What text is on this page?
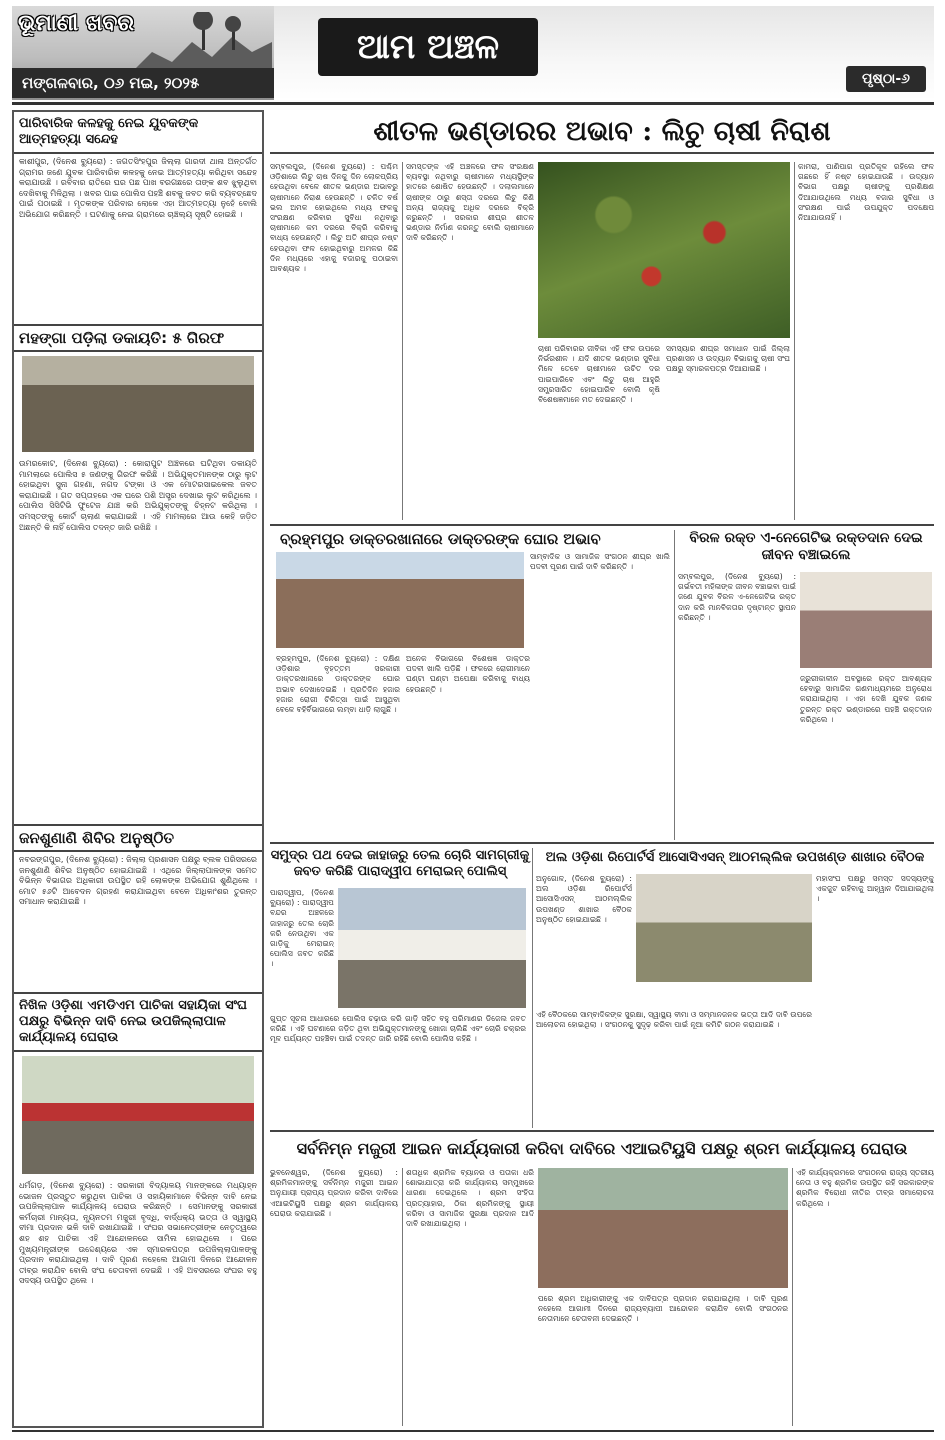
ଭୂମାଣୀ ଖବର
ମଙ୍ଗଳବାର, ୦୬ ମଇ, ୨୦୨୫
ଆମ ଅଞ୍ଚଳ
ପୃଷ୍ଠା-୬
ପାରିବାରିକ କଳହକୁ ନେଇ ଯୁବକଙ୍କ ଆତ୍ମହତ୍ୟା ସନ୍ଦେହ
କାଶୀପୁର, (ଦିନେଶ ବ୍ୟୁରୋ) : ଜଗତସିଂହପୁର ଜିଲ୍ଲା ଗାରଦୀ ଥାନା ଅନ୍ତର୍ଗତ ଗ୍ରାମର ଜଣେ ଯୁବକ ପାରିବାରିକ କଳହକୁ ନେଇ ଆତ୍ମହତ୍ୟା କରିଥିବା ସନ୍ଦେହ କରାଯାଉଛି । ରବିବାର ରାତିରେ ଘର ପଛ ପାଖ ବରଗଛରେ ତାଙ୍କ ଶବ ଝୁଲୁଥିବା ଦେଖିବାକୁ ମିଳିଥିଲା । ଖବର ପାଇ ପୋଲିସ ପହଞ୍ଚି ଶବକୁ ଜବତ କରି ବ୍ୟବଚ୍ଛେଦ ପାଇଁ ପଠାଇଛି । ମୃତକଙ୍କ ପରିବାର ଲୋକେ ଏହା ଆତ୍ମହତ୍ୟା ନୁହେଁ ବୋଲି ଅଭିଯୋଗ କରିଛନ୍ତି । ଘଟଣାକୁ ନେଇ ଗ୍ରାମରେ ଚାଞ୍ଚଲ୍ୟ ସୃଷ୍ଟି ହୋଇଛି ।
ମହଙ୍ଗା ପଡ଼ିଲା ଡକାୟତି: ୫ ଗିରଫ
ଉମରକୋଟ, (ଦିନେଶ ବ୍ୟୁରୋ) : କୋରାପୁଟ ଅଞ୍ଚଳରେ ଘଟିଥିବା ଡକାୟତି ମାମଲାରେ ପୋଲିସ ୫ ଜଣଙ୍କୁ ଗିରଫ କରିଛି । ଅଭିଯୁକ୍ତମାନଙ୍କ ଠାରୁ ଲୁଟ ହୋଇଥିବା ସୁନା ଗହଣା, ନଗଦ ଟଙ୍କା ଓ ଏକ ମୋଟରସାଇକେଲ ଜବତ କରାଯାଇଛି । ଗତ ସପ୍ତାହରେ ଏକ ଘରେ ପଶି ଅସ୍ତ୍ର ଦେଖାଇ ଲୁଟ କରିଥିଲେ । ପୋଲିସ ସିସିଟିଭି ଫୁଟେଜ ଯାଞ୍ଚ କରି ଅଭିଯୁକ୍ତଙ୍କୁ ଚିହ୍ନଟ କରିଥିଲା । ସମସ୍ତଙ୍କୁ କୋର୍ଟ ଚାଲାଣ କରାଯାଇଛି । ଏହି ମାମଲାରେ ଆଉ କେହି ଜଡ଼ିତ ଅଛନ୍ତି କି ନାହିଁ ପୋଲିସ ତଦନ୍ତ ଜାରି ରଖିଛି ।
ଜନଶୁଣାଣି ଶିବିର ଅନୁଷ୍ଠିତ
ନବରଙ୍ଗପୁର, (ଦିନେଶ ବ୍ୟୁରୋ) : ଜିଲ୍ଲା ପ୍ରଶାସନ ପକ୍ଷରୁ ବ୍ଲକ ପରିସରରେ ଜନଶୁଣାଣି ଶିବିର ଅନୁଷ୍ଠିତ ହୋଇଯାଇଛି । ଏଥିରେ ଜିଲ୍ଲାପାଳଙ୍କ ସମେତ ବିଭିନ୍ନ ବିଭାଗର ଅଧିକାରୀ ଉପସ୍ଥିତ ରହି ଲୋକଙ୍କ ଅଭିଯୋଗ ଶୁଣିଥିଲେ । ମୋଟ ୫୬ଟି ଆବେଦନ ଗ୍ରହଣ କରାଯାଇଥିବା ବେଳେ ଅଧିକାଂଶର ତୁରନ୍ତ ସମାଧାନ କରାଯାଇଛି ।
ନିଖିଳ ଓଡ଼ିଶା ଏମଡିଏମ ପାଚିକା ସହାୟିକା ସଂଘ ପକ୍ଷରୁ ବିଭିନ୍ନ ଦାବି ନେଇ ଉପଜିଲ୍ଲାପାଳ କାର୍ଯ୍ୟାଳୟ ଘେରାଉ
ଧର୍ମଗଡ଼, (ଦିନେଶ ବ୍ୟୁରୋ) : ସରକାରୀ ବିଦ୍ୟାଳୟ ମାନଙ୍କରେ ମଧ୍ୟାହ୍ନ ଭୋଜନ ପ୍ରସ୍ତୁତ କରୁଥିବା ପାଚିକା ଓ ସହାୟିକାମାନେ ବିଭିନ୍ନ ଦାବି ନେଇ ଉପଜିଲ୍ଲାପାଳ କାର୍ଯ୍ୟାଳୟ ଘେରାଉ କରିଛନ୍ତି । ସେମାନଙ୍କୁ ସରକାରୀ କର୍ମଚାରୀ ମାନ୍ୟତା, ନ୍ୟୂନତମ ମଜୁରୀ ବୃଦ୍ଧି, ବାର୍ଦ୍ଧକ୍ୟ ଭତ୍ତା ଓ ସ୍ୱାସ୍ଥ୍ୟ ବୀମା ପ୍ରଦାନ ଭଳି ଦାବି ରଖାଯାଇଛି । ସଂଘର ସଭାନେତ୍ରୀଙ୍କ ନେତୃତ୍ୱରେ ଶହ ଶହ ପାଚିକା ଏହି ଆନ୍ଦୋଳନରେ ସାମିଲ ହୋଇଥିଲେ । ପରେ ମୁଖ୍ୟମନ୍ତ୍ରୀଙ୍କ ଉଦ୍ଦେଶ୍ୟରେ ଏକ ସ୍ମାରକପତ୍ର ଉପଜିଲ୍ଲାପାଳଙ୍କୁ ପ୍ରଦାନ କରାଯାଇଥିଲା । ଦାବି ପୂରଣ ନହେଲେ ଆଗାମୀ ଦିନରେ ଆନ୍ଦୋଳନ ତୀବ୍ର କରାଯିବ ବୋଲି ସଂଘ ଚେତାବନୀ ଦେଇଛି । ଏହି ଅବସରରେ ସଂଘର ବହୁ ସଦସ୍ୟ ଉପସ୍ଥିତ ଥିଲେ ।
ଶୀତଳ ଭଣ୍ଡାରର ଅଭାବ : ଲିଚୁ ଚାଷୀ ନିରାଶ
ସମ୍ବଲପୁର, (ଦିନେଶ ବ୍ୟୁରୋ) : ପଶ୍ଚିମ ଓଡ଼ିଶାରେ ଲିଚୁ ଚାଷ ଦିନକୁ ଦିନ ଲୋକପ୍ରିୟ ହେଉଥିବା ବେଳେ ଶୀତଳ ଭଣ୍ଡାର ଅଭାବରୁ ଚାଷୀମାନେ ନିରାଶ ହେଉଛନ୍ତି । ଚଳିତ ବର୍ଷ ଭଲ ଅମଳ ହୋଇଥିଲେ ମଧ୍ୟ ଫଳକୁ ସଂରକ୍ଷଣ କରିବାର ସୁବିଧା ନଥିବାରୁ ଚାଷୀମାନେ କମ ଦରରେ ବିକ୍ରି କରିବାକୁ ବାଧ୍ୟ ହେଉଛନ୍ତି । ଲିଚୁ ଅତି ଶୀଘ୍ର ନଷ୍ଟ ହେଉଥିବା ଫଳ ହୋଇଥିବାରୁ ଅମଳର କିଛି ଦିନ ମଧ୍ୟରେ ଏହାକୁ ବଜାରକୁ ପଠାଇବା ଆବଶ୍ୟକ ।
ସମସ୍ତଙ୍କ ଏହି ଅଞ୍ଚଳରେ ଫଳ ସଂରକ୍ଷଣ ବ୍ୟବସ୍ଥା ନଥିବାରୁ ଚାଷୀମାନେ ମଧ୍ୟସ୍ଥିଙ୍କ ହାତରେ ଶୋଷିତ ହେଉଛନ୍ତି । ଦଲାଲମାନେ ଚାଷୀଙ୍କ ଠାରୁ ଶସ୍ତା ଦରରେ ଲିଚୁ କିଣି ଅନ୍ୟ ରାଜ୍ୟକୁ ଅଧିକ ଦରରେ ବିକ୍ରି କରୁଛନ୍ତି । ସରକାର ଶୀଘ୍ର ଶୀତଳ ଭଣ୍ଡାର ନିର୍ମାଣ କରନ୍ତୁ ବୋଲି ଚାଷୀମାନେ ଦାବି କରିଛନ୍ତି ।
ଚାଷୀ ପରିବାରର ଜୀବିକା ଏହି ଫଳ ଉପରେ ନିର୍ଭରଶୀଳ । ଯଦି ଶୀତଳ ଭଣ୍ଡାର ସୁବିଧା ମିଳେ ତେବେ ଚାଷୀମାନେ ଉଚିତ ଦର ପାଇପାରିବେ ଏବଂ ଲିଚୁ ଚାଷ ଆହୁରି ସମ୍ପ୍ରସାରିତ ହୋଇପାରିବ ବୋଲି କୃଷି ବିଶେଷଜ୍ଞମାନେ ମତ ଦେଇଛନ୍ତି ।
ସମସ୍ୟାର ଶୀଘ୍ର ସମାଧାନ ପାଇଁ ଜିଲ୍ଲା ପ୍ରଶାସନ ଓ ଉଦ୍ୟାନ ବିଭାଗକୁ ଚାଷୀ ସଂଘ ପକ୍ଷରୁ ସ୍ମାରକପତ୍ର ଦିଆଯାଇଛି ।
କାମରା, ପାଣିପାଗ ପ୍ରତିକୂଳ ରହିଲେ ଫଳ ଗଛରେ ହିଁ ନଷ୍ଟ ହୋଇଯାଉଛି । ଉଦ୍ୟାନ ବିଭାଗ ପକ୍ଷରୁ ଚାଷୀଙ୍କୁ ପ୍ରଶିକ୍ଷଣ ଦିଆଯାଉଥିଲେ ମଧ୍ୟ ବଜାର ସୁବିଧା ଓ ସଂରକ୍ଷଣ ପାଇଁ ଉପଯୁକ୍ତ ପଦକ୍ଷେପ ନିଆଯାଉନାହିଁ ।
ବ୍ରହ୍ମପୁର ଡାକ୍ତରଖାନାରେ ଡାକ୍ତରଙ୍କ ଘୋର ଅଭାବ
ସାମ୍ବାଦିକ ଓ ସାମାଜିକ ସଂଗଠନ ଶୀଘ୍ର ଖାଲି ପଦବୀ ପୂରଣ ପାଇଁ ଦାବି କରିଛନ୍ତି ।
ବ୍ରହ୍ମପୁର, (ଦିନେଶ ବ୍ୟୁରୋ) : ଦକ୍ଷିଣ ଓଡ଼ିଶାର ବୃହତ୍ତମ ସରକାରୀ ଡାକ୍ତରଖାନାରେ ଡାକ୍ତରଙ୍କ ଘୋର ଅଭାବ ଦେଖାଦେଇଛି । ପ୍ରତିଦିନ ହଜାର ହଜାର ରୋଗୀ ଚିକିତ୍ସା ପାଇଁ ଆସୁଥିବା ବେଳେ ବହିର୍ବିଭାଗରେ ଲମ୍ବା ଧାଡ଼ି ଲାଗୁଛି ।
ଅନେକ ବିଭାଗରେ ବିଶେଷଜ୍ଞ ଡାକ୍ତର ପଦବୀ ଖାଲି ପଡ଼ିଛି । ଫଳରେ ରୋଗୀମାନେ ଘଣ୍ଟା ଘଣ୍ଟା ଅପେକ୍ଷା କରିବାକୁ ବାଧ୍ୟ ହେଉଛନ୍ତି ।
ବିରଳ ରକ୍ତ ଏ-ନେଗେଟିଭ ରକ୍ତଦାନ ଦେଇ ଜୀବନ ବଞ୍ଚାଇଲେ
ସମ୍ବଲପୁର, (ଦିନେଶ ବ୍ୟୁରୋ) : ଗର୍ଭବତୀ ମହିଳାଙ୍କ ଜୀବନ ବଞ୍ଚାଇବା ପାଇଁ ଜଣେ ଯୁବକ ବିରଳ ଏ-ନେଗେଟିଭ ରକ୍ତ ଦାନ କରି ମାନବିକତାର ଦୃଷ୍ଟାନ୍ତ ସ୍ଥାପନ କରିଛନ୍ତି ।
ଜରୁରୀକାଳୀନ ଅବସ୍ଥାରେ ରକ୍ତ ଆବଶ୍ୟକ ହେବାରୁ ସାମାଜିକ ଗଣମାଧ୍ୟମରେ ଅନୁରୋଧ କରାଯାଇଥିଲା । ଏହା ଦେଖି ଯୁବକ ଜଣକ ତୁରନ୍ତ ରକ୍ତ ଭଣ୍ଡାରରେ ପହଞ୍ଚି ରକ୍ତଦାନ କରିଥିଲେ ।
ସମୁଦ୍ର ପଥ ଦେଇ ଜାହାଜରୁ ତେଲ ଚୋରି ସାମଗ୍ରୀକୁ ଜବତ କରିଛି ପାରାଦ୍ୱୀପ ମେରାଇନ୍ ପୋଲିସ୍
ପାରାଦ୍ୱୀପ, (ଦିନେଶ ବ୍ୟୁରୋ) : ପାରାଦ୍ୱୀପ ବନ୍ଦର ଅଞ୍ଚଳରେ ଜାହାଜରୁ ତେଲ ଚୋରି କରି ନେଉଥିବା ଏକ ଗାଡ଼ିକୁ ମେରାଇନ୍ ପୋଲିସ ଜବତ କରିଛି ।
ଗୁପ୍ତ ସୂଚନା ଆଧାରରେ ପୋଲିସ ଚଢ଼ାଉ କରି ଗାଡ଼ି ସହିତ ବହୁ ପରିମାଣର ଡିଜେଲ ଜବତ କରିଛି । ଏହି ଘଟଣାରେ ଜଡ଼ିତ ଥିବା ଅଭିଯୁକ୍ତମାନଙ୍କୁ ଖୋଜା ଚାଲିଛି ଏବଂ ଚୋରି ଚକ୍ରର ମୂଳ ପର୍ଯ୍ୟନ୍ତ ପହଞ୍ଚିବା ପାଇଁ ତଦନ୍ତ ଜାରି ରହିଛି ବୋଲି ପୋଲିସ କହିଛି ।
ଅଲ ଓଡ଼ିଶା ରିପୋର୍ଟର୍ସ ଆସୋସିଏସନ୍ ଆଠମଲ୍ଲିକ ଉପଖଣ୍ଡ ଶାଖାର ବୈଠକ
ଅନୁଗୋଳ, (ଦିନେଶ ବ୍ୟୁରୋ) : ଅଲ ଓଡ଼ିଶା ରିପୋର୍ଟର୍ସ ଆସୋସିଏସନ୍ ଆଠମଲ୍ଲିକ ଉପଖଣ୍ଡ ଶାଖାର ବୈଠକ ଅନୁଷ୍ଠିତ ହୋଇଯାଇଛି ।
ମହାସଂଘ ପକ୍ଷରୁ ସମସ୍ତ ସଦସ୍ୟଙ୍କୁ ଏକଜୁଟ ରହିବାକୁ ଆହ୍ୱାନ ଦିଆଯାଇଥିଲା ।
ଏହି ବୈଠକରେ ସାମ୍ବାଦିକଙ୍କ ସୁରକ୍ଷା, ସ୍ୱାସ୍ଥ୍ୟ ବୀମା ଓ ସମ୍ମାନଜନକ ଭତ୍ତା ଆଦି ଦାବି ଉପରେ ଆଲୋଚନା ହୋଇଥିଲା । ସଂଗଠନକୁ ସୁଦୃଢ଼ କରିବା ପାଇଁ ନୂଆ କମିଟି ଗଠନ କରାଯାଇଛି ।
ସର୍ବନିମ୍ନ ମଜୁରୀ ଆଇନ କାର୍ଯ୍ୟକାରୀ କରିବା ଦାବିରେ ଏଆଇଟିୟୁସି ପକ୍ଷରୁ ଶ୍ରମ କାର୍ଯ୍ୟାଳୟ ଘେରାଉ
ଭୁବନେଶ୍ୱର, (ଦିନେଶ ବ୍ୟୁରୋ) : ଶ୍ରମିକମାନଙ୍କୁ ସର୍ବନିମ୍ନ ମଜୁରୀ ଆଇନ ଅନୁଯାୟୀ ପ୍ରାପ୍ୟ ପ୍ରଦାନ କରିବା ଦାବିରେ ଏଆଇଟିୟୁସି ପକ୍ଷରୁ ଶ୍ରମ କାର୍ଯ୍ୟାଳୟ ଘେରାଉ କରାଯାଇଛି ।
ଶତାଧିକ ଶ୍ରମିକ ବ୍ୟାନର ଓ ପତାକା ଧରି ଶୋଭାଯାତ୍ରା କରି କାର୍ଯ୍ୟାଳୟ ସମ୍ମୁଖରେ ଧାରଣା ଦେଇଥିଲେ । ଶ୍ରମ ସଂହିତା ପ୍ରତ୍ୟାହାର, ଠିକା ଶ୍ରମିକଙ୍କୁ ସ୍ଥାୟୀ କରିବା ଓ ସାମାଜିକ ସୁରକ୍ଷା ପ୍ରଦାନ ଆଦି ଦାବି ରଖାଯାଇଥିଲା ।
ପରେ ଶ୍ରମ ଅଧିକାରୀଙ୍କୁ ଏକ ଦାବିପତ୍ର ପ୍ରଦାନ କରାଯାଇଥିଲା । ଦାବି ପୂରଣ ନହେଲେ ଆଗାମୀ ଦିନରେ ରାଜ୍ୟବ୍ୟାପୀ ଆନ୍ଦୋଳନ କରାଯିବ ବୋଲି ସଂଗଠନର ନେତାମାନେ ଚେତାବନୀ ଦେଇଛନ୍ତି ।
ଏହି କାର୍ଯ୍ୟକ୍ରମରେ ସଂଗଠନର ରାଜ୍ୟ ସ୍ତରୀୟ ନେତା ଓ ବହୁ ଶ୍ରମିକ ଉପସ୍ଥିତ ରହି ସରକାରଙ୍କ ଶ୍ରମିକ ବିରୋଧୀ ନୀତିର ତୀବ୍ର ସମାଲୋଚନା କରିଥିଲେ ।
